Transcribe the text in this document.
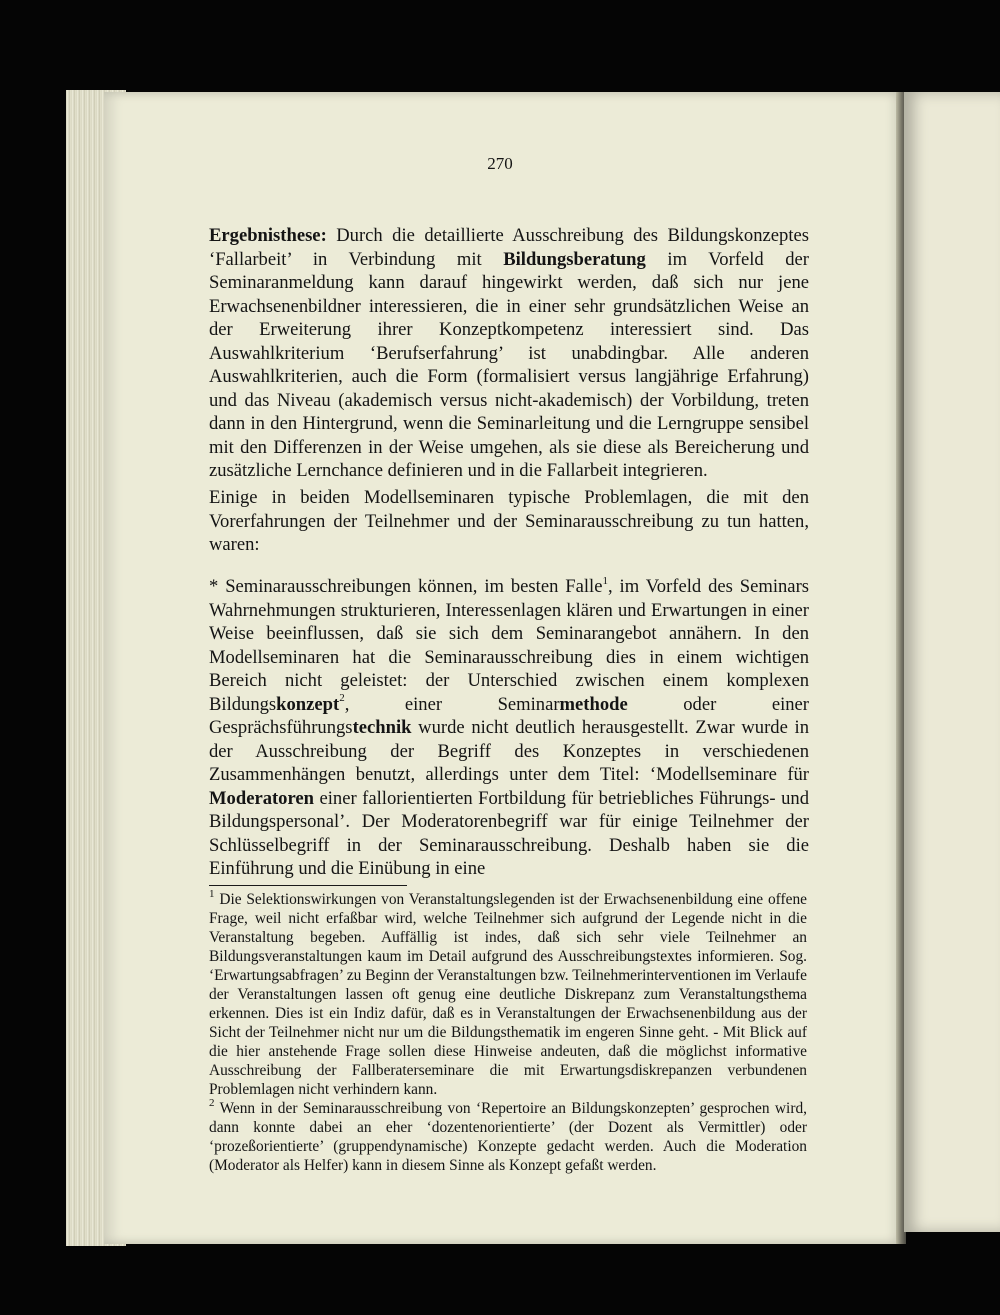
270

Ergebnisthese: Durch die detaillierte Ausschreibung des Bildungskonzeptes ‘Fallarbeit’ in Verbindung mit Bildungsberatung im Vorfeld der Seminaranmeldung kann darauf hingewirkt werden, daß sich nur jene Erwachsenenbildner interessieren, die in einer sehr grundsätzlichen Weise an der Erweiterung ihrer Konzeptkompetenz interessiert sind. Das Auswahlkriterium ‘Berufserfahrung’ ist unabdingbar. Alle anderen Auswahlkriterien, auch die Form (formalisiert versus langjährige Erfahrung) und das Niveau (akademisch versus nicht-akademisch) der Vorbildung, treten dann in den Hintergrund, wenn die Seminarleitung und die Lerngruppe sensibel mit den Differenzen in der Weise umgehen, als sie diese als Bereicherung und zusätzliche Lernchance definieren und in die Fallarbeit integrieren.

Einige in beiden Modellseminaren typische Problemlagen, die mit den Vorerfahrungen der Teilnehmer und der Seminarausschreibung zu tun hatten, waren:

* Seminarausschreibungen können, im besten Falle$^1$, im Vorfeld des Seminars Wahrnehmungen strukturieren, Interessenlagen klären und Erwartungen in einer Weise beeinflussen, daß sie sich dem Seminarangebot annähern. In den Modellseminaren hat die Seminarausschreibung dies in einem wichtigen Bereich nicht geleistet: der Unterschied zwischen einem komplexen Bildungskonzept$^2$, einer Seminarmethode oder einer Gesprächsführungstechnik wurde nicht deutlich herausgestellt. Zwar wurde in der Ausschreibung der Begriff des Konzeptes in verschiedenen Zusammenhängen benutzt, allerdings unter dem Titel: ‘Modellseminare für Moderatoren einer fallorientierten Fortbildung für betriebliches Führungs- und Bildungspersonal’. Der Moderatorenbegriff war für einige Teilnehmer der Schlüsselbegriff in der Seminarausschreibung. Deshalb haben sie die Einführung und die Einübung in eine

$^1$ Die Selektionswirkungen von Veranstaltungslegenden ist der Erwachsenenbildung eine offene Frage, weil nicht erfaßbar wird, welche Teilnehmer sich aufgrund der Legende nicht in die Veranstaltung begeben. Auffällig ist indes, daß sich sehr viele Teilnehmer an Bildungsveranstaltungen kaum im Detail aufgrund des Ausschreibungstextes informieren. Sog. ‘Erwartungsabfragen’ zu Beginn der Veranstaltungen bzw. Teilnehmerinterventionen im Verlaufe der Veranstaltungen lassen oft genug eine deutliche Diskrepanz zum Veranstaltungsthema erkennen. Dies ist ein Indiz dafür, daß es in Veranstaltungen der Erwachsenenbildung aus der Sicht der Teilnehmer nicht nur um die Bildungsthematik im engeren Sinne geht. - Mit Blick auf die hier anstehende Frage sollen diese Hinweise andeuten, daß die möglichst informative Ausschreibung der Fallberaterseminare die mit Erwartungsdiskrepanzen verbundenen Problemlagen nicht verhindern kann.

$^2$ Wenn in der Seminarausschreibung von ‘Repertoire an Bildungskonzepten’ gesprochen wird, dann konnte dabei an eher ‘dozentenorientierte’ (der Dozent als Vermittler) oder ‘prozeßorientierte’ (gruppendynamische) Konzepte gedacht werden. Auch die Moderation (Moderator als Helfer) kann in diesem Sinne als Konzept gefaßt werden.
